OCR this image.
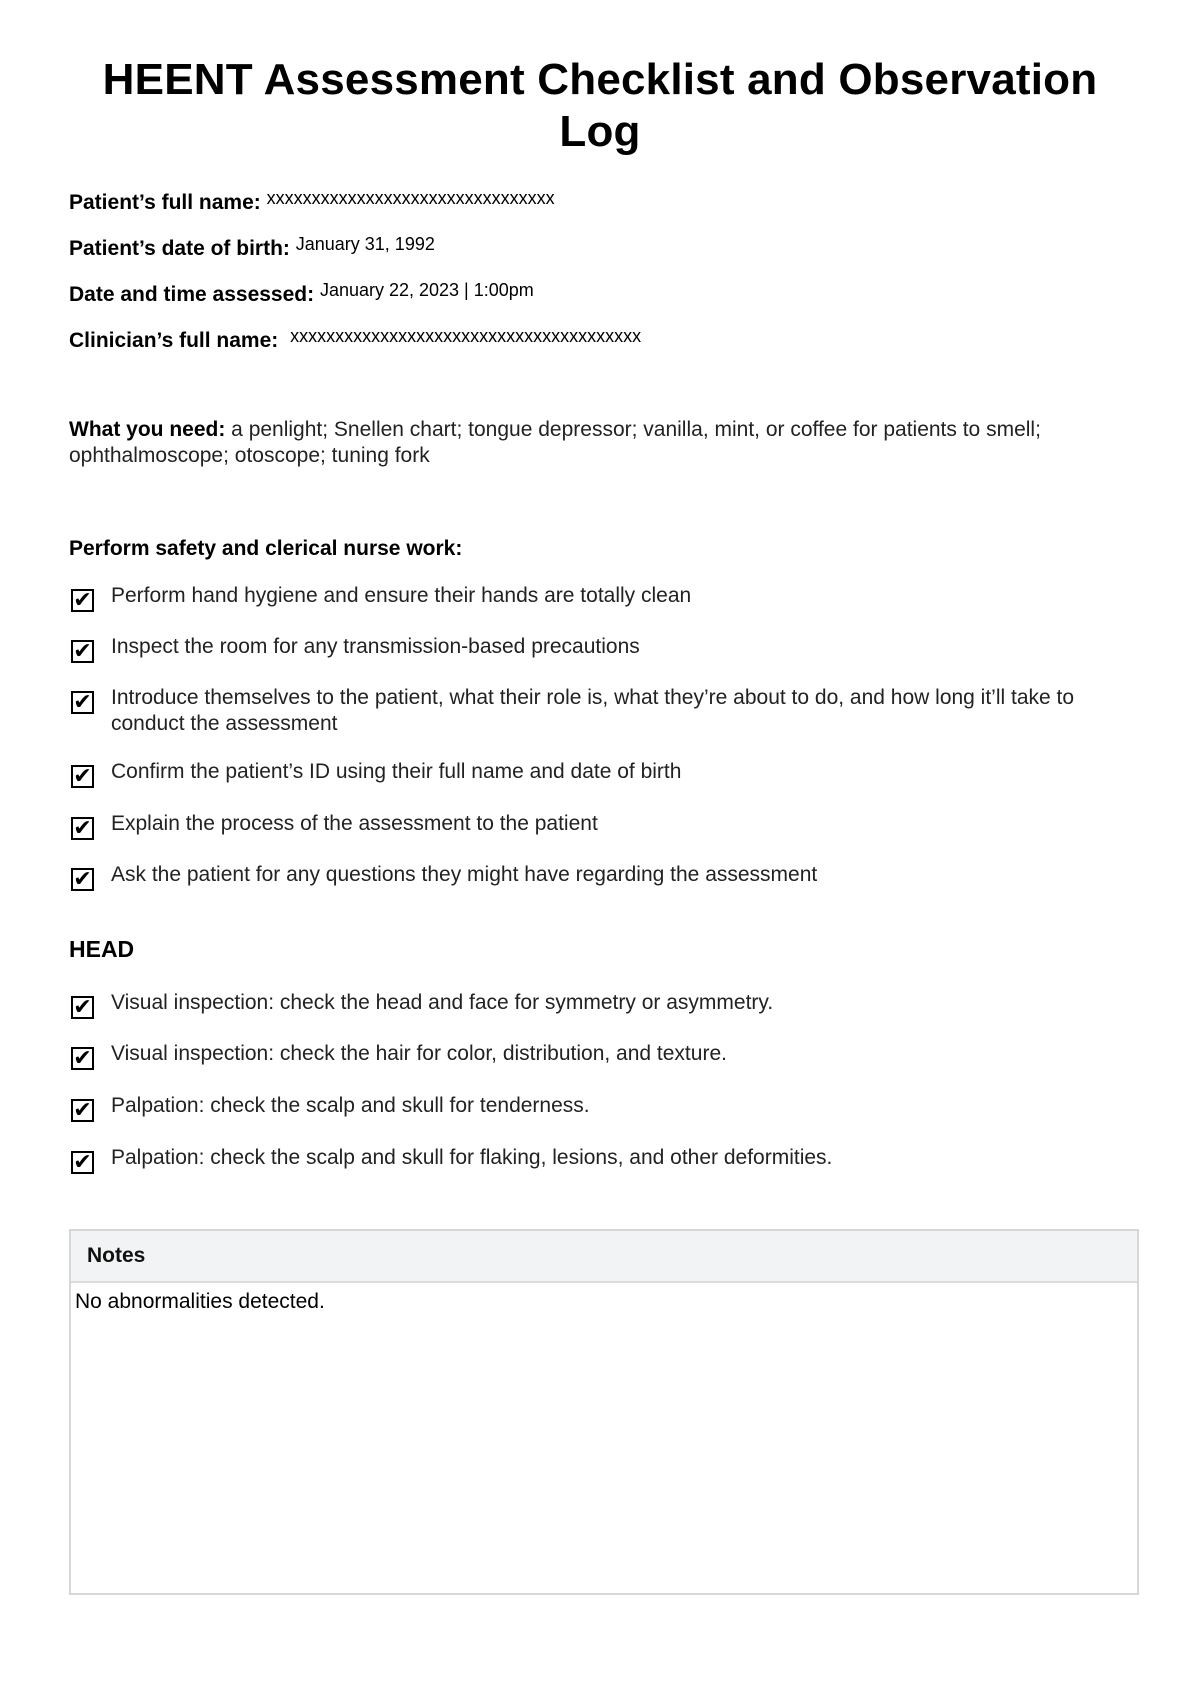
HEENT Assessment Checklist and Observation Log
Patient’s full name: xxxxxxxxxxxxxxxxxxxxxxxxxxxxxxxx
Patient’s date of birth: January 31, 1992
Date and time assessed: January 22, 2023 | 1:00pm
Clinician’s full name: xxxxxxxxxxxxxxxxxxxxxxxxxxxxxxxxxxxxxxx
What you need: a penlight; Snellen chart; tongue depressor; vanilla, mint, or coffee for patients to smell; ophthalmoscope; otoscope; tuning fork
Perform safety and clerical nurse work:
✔ Perform hand hygiene and ensure their hands are totally clean
✔ Inspect the room for any transmission-based precautions
✔ Introduce themselves to the patient, what their role is, what they’re about to do, and how long it’ll take to conduct the assessment
✔ Confirm the patient’s ID using their full name and date of birth
✔ Explain the process of the assessment to the patient
✔ Ask the patient for any questions they might have regarding the assessment
HEAD
✔ Visual inspection: check the head and face for symmetry or asymmetry.
✔ Visual inspection: check the hair for color, distribution, and texture.
✔ Palpation: check the scalp and skull for tenderness.
✔ Palpation: check the scalp and skull for flaking, lesions, and other deformities.
Notes
No abnormalities detected.
